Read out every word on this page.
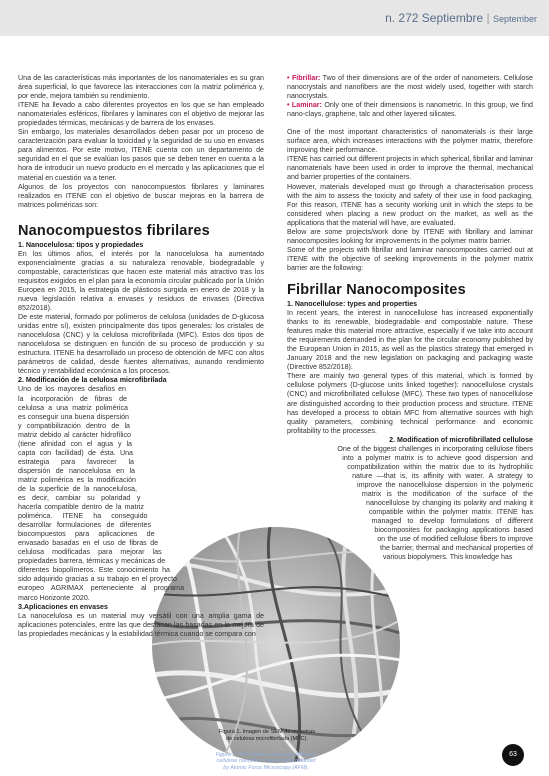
n. 272 Septiembre | September

Una de las características más importantes de los nanomateriales es su gran área superficial, lo que favorece las interacciones con la matriz polimérica y, por ende, mejora también su rendimiento.

ITENE ha llevado a cabo diferentes proyectos en los que se han empleado nanomateriales esféricos, fibrilares y laminares con el objetivo de mejorar las propiedades térmicas, mecánicas y de barrera de los envases.

Sin embargo, los materiales desarrollados deben pasar por un proceso de caracterización para evaluar la toxicidad y la seguridad de su uso en envases para alimentos. Por este motivo, ITENE cuenta con un departamento de seguridad en el que se evalúan los pasos que se deben tener en cuenta a la hora de introducir un nuevo producto en el mercado y las aplicaciones que el material en cuestión va a tener.

Algunos de los proyectos con nanocompuestos fibrilares y laminares realizados en ITENE con el objetivo de buscar mejoras en la barrera de matrices poliméricas son:

Nanocompuestos fibrilares
1. Nanocelulosa: tipos y propiedades

En los últimos años, el interés por la nanocelulosa ha aumentado exponencialmente gracias a su naturaleza renovable, biodegradable y compostable, características que hacen este material más atractivo tras los requisitos exigidos en el plan para la economía circular publicado por la Unión Europea en 2015, la estrategia de plásticos surgida en enero de 2018 y la nueva legislación relativa a envases y residuos de envases (Directiva 852/2018).

De este material, formado por polímeros de celulosa (unidades de D-glucosa unidas entre sí), existen principalmente dos tipos generales: los cristales de nanocelulosa (CNC) y la celulosa microfibrilada (MFC). Estos dos tipos de nanocelulosa se distinguen en función de su proceso de producción y su estructura. ITENE ha desarrollado un proceso de obtención de MFC con altos parámetros de calidad, desde fuentes alternativas, aunando rendimiento técnico y rentabilidad económica a los procesos.

2. Modificación de la celulosa microfibrilada

Uno de los mayores desafíos en la incorporación de fibras de celulosa a una matriz polimérica es conseguir una buena dispersión y compatibilización dentro de la matriz debido al carácter hidrofílico (tiene afinidad con el agua y la capta con facilidad) de ésta. Una estrategia para favorecer la dispersión de nanocelulosa en la matriz polimérica es la modificación de la superficie de la nanocelulosa, es decir, cambiar su polaridad y hacerla compatible dentro de la matriz polimérica. ITENE ha conseguido desarrollar formulaciones de diferentes biocompuestos para aplicaciones de envasado basadas en el uso de fibras de celulosa modificadas para mejorar las propiedades barrera, térmicas y mecánicas de diferentes biopolímeros. Este conocimiento ha sido adquirido gracias a su trabajo en el proyecto europeo AGRIMAX perteneciente al programa marco Horizonte 2020.

3.Aplicaciones en envases

La nanocelulosa es un material muy versátil con una amplia gama de aplicaciones potenciales, entre las que destacan las basadas en la mejora de las propiedades mecánicas y la estabilidad térmica cuando se compara con

• Fibrillar: Two of their dimensions are of the order of nanometers. Cellulose nanocrystals and nanofibers are the most widely used, together with starch nanocrystals.

• Laminar: Only one of their dimensions is nanometric. In this group, we find nano-clays, graphene, talc and other layered silicates.

One of the most important characteristics of nanomaterials is their large surface area, which increases interactions with the polymer matrix, therefore improving their performance.

ITENE has carried out different projects in which spherical, fibrillar and laminar nanomaterials have been used in order to improve the thermal, mechanical and barrier properties of the containers.

However, materials developed must go through a characterisation process with the aim to assess the toxicity and safety of their use in food packaging. For this reason, ITENE has a security working unit in which the steps to be considered when placing a new product on the market, as well as the applications that the material will have, are evaluated.

Below are some projects/work done by ITENE with fibrillary and laminar nanocomposites looking for improvements in the polymer matrix barrier.

Some of the projects with fibrillar and laminar nanocomposites carried out at ITENE with the objective of seeking improvements in the polymer matrix barrier are the following:

Fibrillar Nanocomposites
1. Nanocellulose: types and properties

In recent years, the interest in nanocellulose has increased exponentially thanks to its renewable, biodegradable and compostable nature. These features make this material more attractive, especially if we take into account the requirements demanded in the plan for the circular economy published by the European Union in 2015, as well as the plastics strategy that emerged in January 2018 and the new legislation on packaging and packaging waste (Directive 852/2018).

There are mainly two general types of this material, which is formed by cellulose polymers (D-glucose units linked together): nanocellulose crystals (CNC) and microfibrillated cellulose (MFC). These two types of nanocellulose are distinguished according to their production process and structure. ITENE has developed a process to obtain MFC from alternative sources with high quality parameters, combining technical performance and economic profitability to the processes.

2. Modification of microfibrillated cellulose

One of the biggest challenges in incorporating cellulose fibers into a polymer matrix is to achieve good dispersion and compatibilization within the matrix due to its hydrophilic nature —that is, its affinity with water. A strategy to improve the nanocellulose dispersion in the polymeric matrix is the modification of the surface of the nanocellulose by changing its polarity and making it compatible within the polymer matrix. ITENE has managed to develop formulations of different biocomposites for packaging applications based on the use of modified cellulose fibers to improve the barrier, thermal and mechanical properties of various biopolymers. This knowledge has

Figura 1. Imagen de SEM de muestras de celulosa microfibrilada (MFC).
Figure 1. MFC water suspension (left) and cellulose nanofiber image (right) obtained by Atomic Force Microscopy (AFM).
63
